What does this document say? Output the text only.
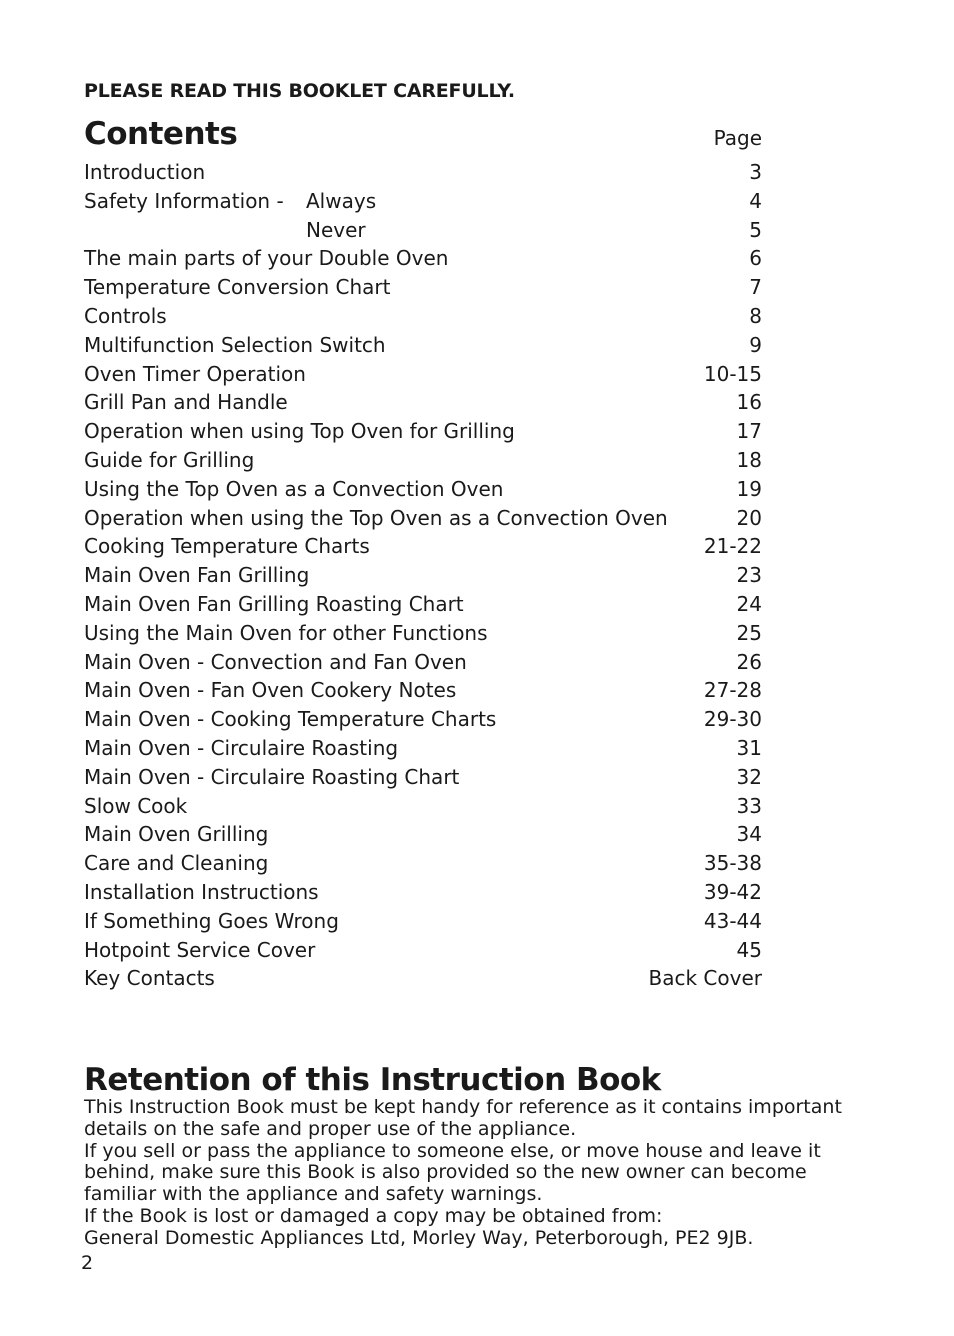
PLEASE READ THIS BOOKLET CAREFULLY.
Contents	Page
Introduction	3
Safety Information - Always	4
Never	5
The main parts of your Double Oven	6
Temperature Conversion Chart	7
Controls	8
Multifunction Selection Switch	9
Oven Timer Operation	10-15
Grill Pan and Handle	16
Operation when using Top Oven for Grilling	17
Guide for Grilling	18
Using the Top Oven as a Convection Oven	19
Operation when using the Top Oven as a Convection Oven	20
Cooking Temperature Charts	21-22
Main Oven Fan Grilling	23
Main Oven Fan Grilling Roasting Chart	24
Using the Main Oven for other Functions	25
Main Oven - Convection and Fan Oven	26
Main Oven - Fan Oven Cookery Notes	27-28
Main Oven - Cooking Temperature Charts	29-30
Main Oven - Circulaire Roasting	31
Main Oven - Circulaire Roasting Chart	32
Slow Cook	33
Main Oven Grilling	34
Care and Cleaning	35-38
Installation Instructions	39-42
If Something Goes Wrong	43-44
Hotpoint Service Cover	45
Key Contacts	Back Cover
Retention of this Instruction Book

This Instruction Book must be kept handy for reference as it contains important

details on the safe and proper use of the appliance.

If you sell or pass the appliance to someone else, or move house and leave it

behind, make sure this Book is also provided so the new owner can become

familiar with the appliance and safety warnings.

If the Book is lost or damaged a copy may be obtained from:

General Domestic Appliances Ltd, Morley Way, Peterborough, PE2 9JB.

2
